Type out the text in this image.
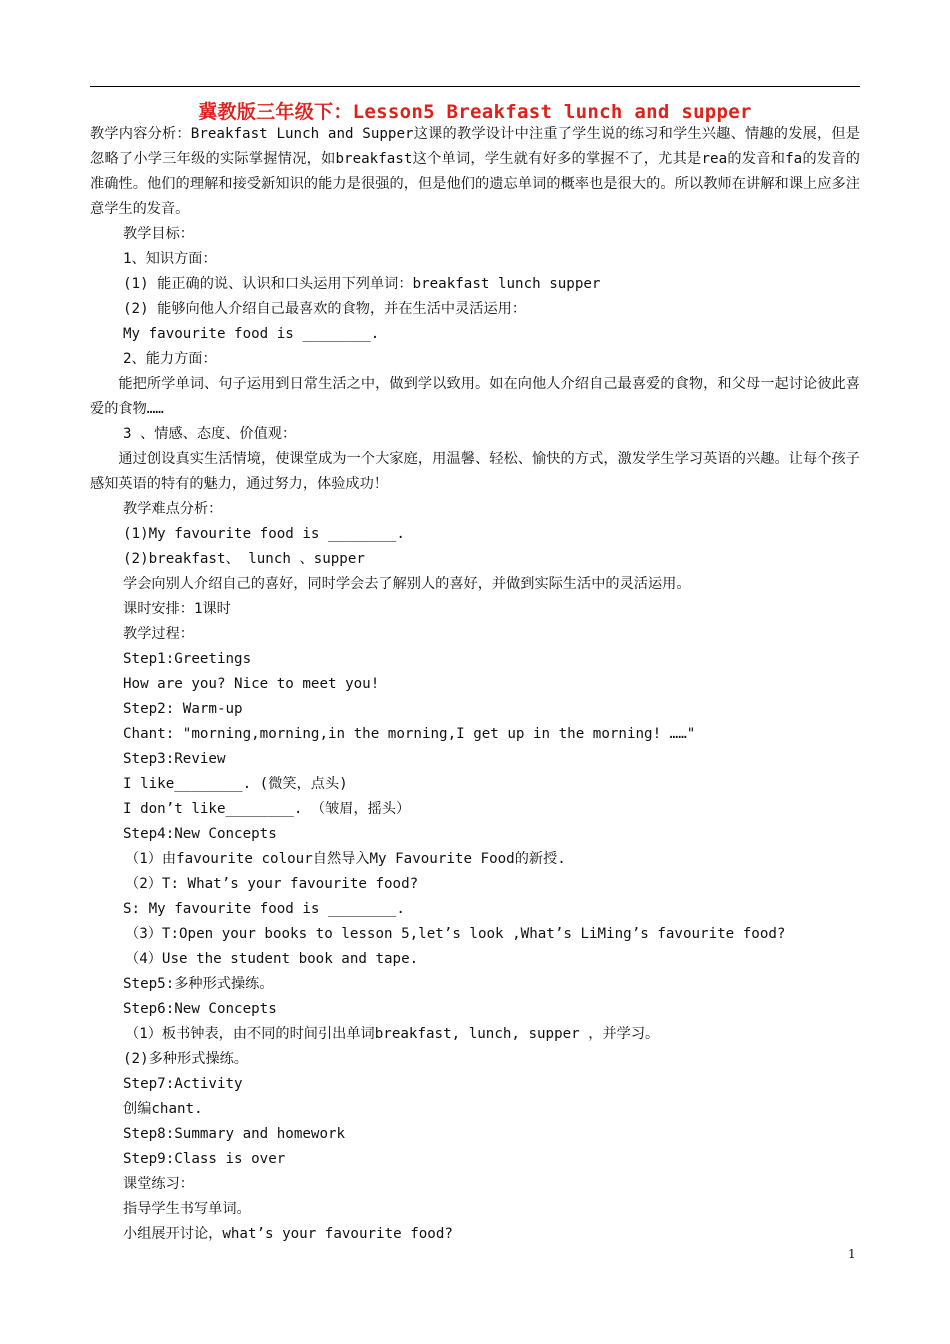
冀教版三年级下：Lesson5 Breakfast lunch and supper

教学内容分析：Breakfast Lunch and Supper这课的教学设计中注重了学生说的练习和学生兴趣、情趣的发展，但是忽略了小学三年级的实际掌握情况，如breakfast这个单词，学生就有好多的掌握不了，尤其是rea的发音和fa的发音的准确性。他们的理解和接受新知识的能力是很强的，但是他们的遗忘单词的概率也是很大的。所以教师在讲解和课上应多注意学生的发音。

教学目标：

1、知识方面：

(1) 能正确的说、认识和口头运用下列单词：breakfast lunch supper

(2) 能够向他人介绍自己最喜欢的食物，并在生活中灵活运用：

My favourite food is ________.

2、能力方面：

能把所学单词、句子运用到日常生活之中，做到学以致用。如在向他人介绍自己最喜爱的食物，和父母一起讨论彼此喜爱的食物……

3 、情感、态度、价值观：

通过创设真实生活情境，使课堂成为一个大家庭，用温馨、轻松、愉快的方式，激发学生学习英语的兴趣。让每个孩子感知英语的特有的魅力，通过努力，体验成功！

教学难点分析：

(1)My favourite food is ________.

(2)breakfast、 lunch 、supper

学会向别人介绍自己的喜好，同时学会去了解别人的喜好，并做到实际生活中的灵活运用。

课时安排：1课时

教学过程：

Step1:Greetings

How are you? Nice to meet you!

Step2: Warm-up

Chant: "morning,morning,in the morning,I get up in the morning! ……"

Step3:Review

I like________. (微笑，点头)

I don’t like________. （皱眉，摇头）

Step4:New Concepts

（1）由favourite colour自然导入My Favourite Food的新授.

（2）T: What’s your favourite food?

S: My favourite food is ________.

（3）T:Open your books to lesson 5,let’s look ,What’s LiMing’s favourite food?

（4）Use the student book and tape.

Step5:多种形式操练。

Step6:New Concepts

（1）板书钟表，由不同的时间引出单词breakfast, lunch, supper ，并学习。

(2)多种形式操练。

Step7:Activity

创编chant.

Step8:Summary and homework

Step9:Class is over

课堂练习：

指导学生书写单词。

小组展开讨论，what’s your favourite food?

1
